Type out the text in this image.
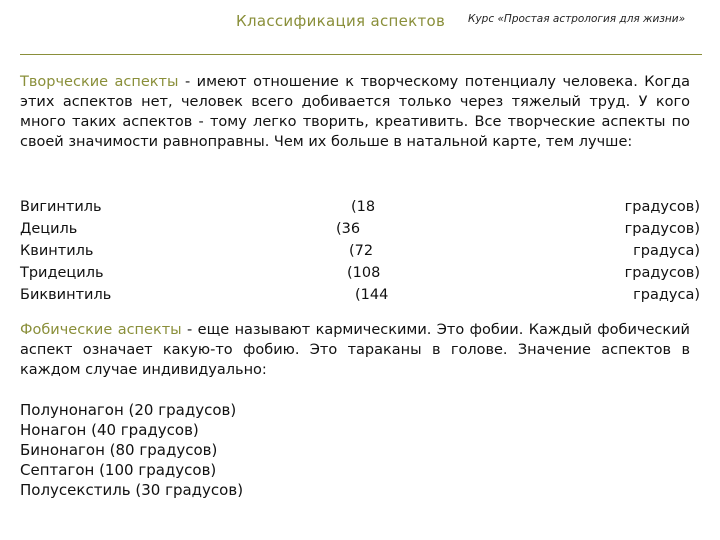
Классификация аспектов Курс «Простая астрология для жизни»
Творческие аспекты - имеют отношение к творческому потенциалу человека. Когда этих аспектов нет, человек всего добивается только через тяжелый труд. У кого много таких аспектов - тому легко творить, креативить. Все творческие аспекты по своей значимости равноправны. Чем их больше в натальной карте, тем лучше:
Вигинтиль	(18	градусов)
Дециль	(36	градусов)
Квинтиль	(72	градуса)
Тридециль	(108	градусов)
Биквинтиль	(144	градуса)
Фобические аспекты - еще называют кармическими. Это фобии. Каждый фобический аспект означает какую-то фобию. Это тараканы в голове. Значение аспектов в каждом случае индивидуально:
Полунонагон (20 градусов)
Нонагон (40 градусов)
Бинонагон (80 градусов)
Септагон (100 градусов)
Полусекстиль (30 градусов)
